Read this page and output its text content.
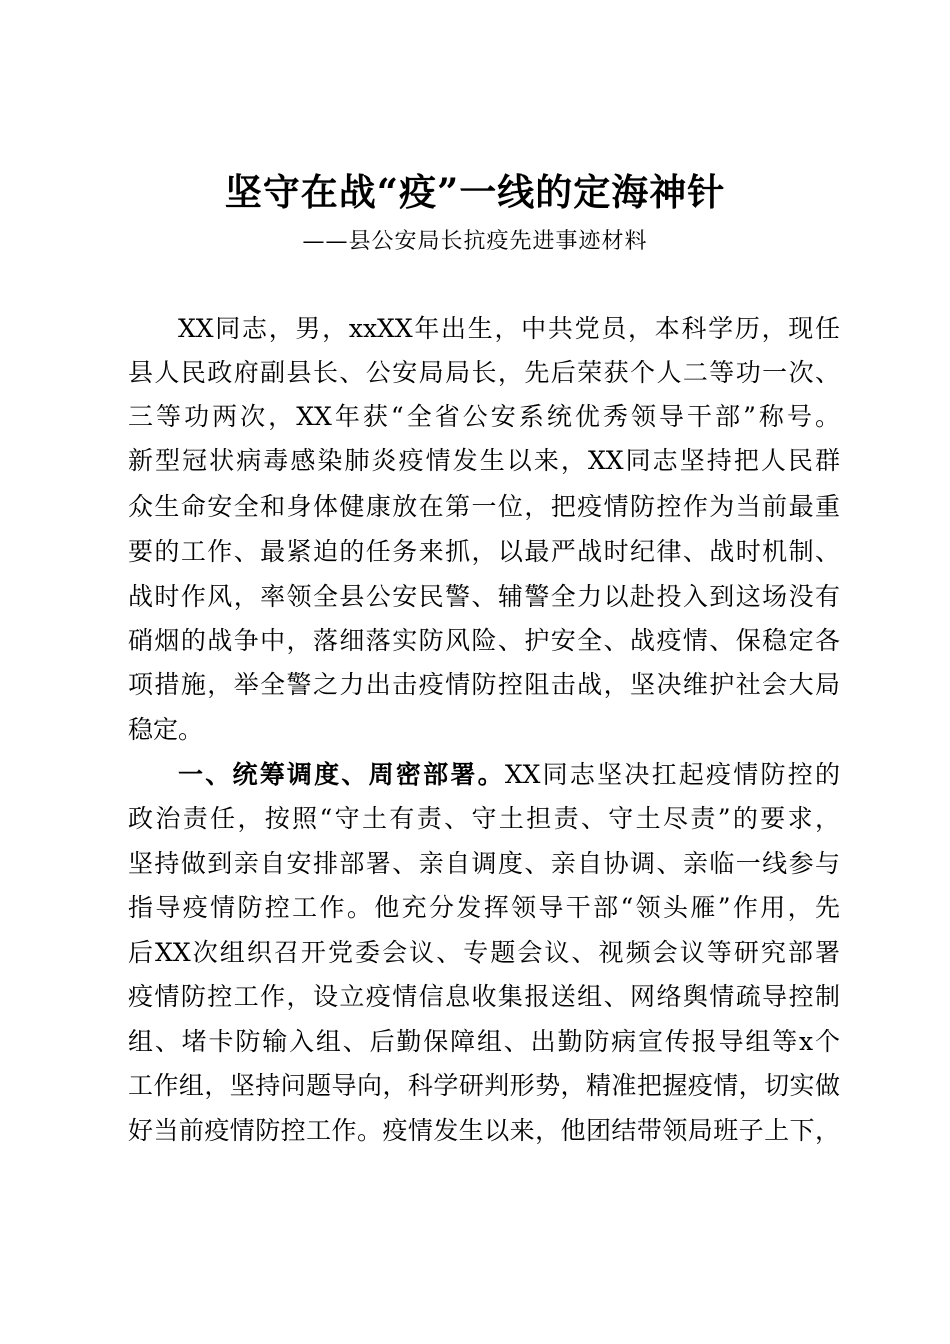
坚守在战“疫”一线的定海神针
——县公安局长抗疫先进事迹材料
XX同志，男，xxXX年出生，中共党员，本科学历，现任
县人民政府副县长、公安局局长，先后荣获个人二等功一次、
三等功两次，XX年获“全省公安系统优秀领导干部”称号。
新型冠状病毒感染肺炎疫情发生以来，XX同志坚持把人民群
众生命安全和身体健康放在第一位，把疫情防控作为当前最重
要的工作、最紧迫的任务来抓，以最严战时纪律、战时机制、
战时作风，率领全县公安民警、辅警全力以赴投入到这场没有
硝烟的战争中，落细落实防风险、护安全、战疫情、保稳定各
项措施，举全警之力出击疫情防控阻击战，坚决维护社会大局
稳定。
一、统筹调度、周密部署。XX同志坚决扛起疫情防控的
政治责任，按照“守土有责、守土担责、守土尽责”的要求，
坚持做到亲自安排部署、亲自调度、亲自协调、亲临一线参与
指导疫情防控工作。他充分发挥领导干部“领头雁”作用，先
后XX次组织召开党委会议、专题会议、视频会议等研究部署
疫情防控工作，设立疫情信息收集报送组、网络舆情疏导控制
组、堵卡防输入组、后勤保障组、出勤防病宣传报导组等x个
工作组，坚持问题导向，科学研判形势，精准把握疫情，切实做
好当前疫情防控工作。疫情发生以来，他团结带领局班子上下，
